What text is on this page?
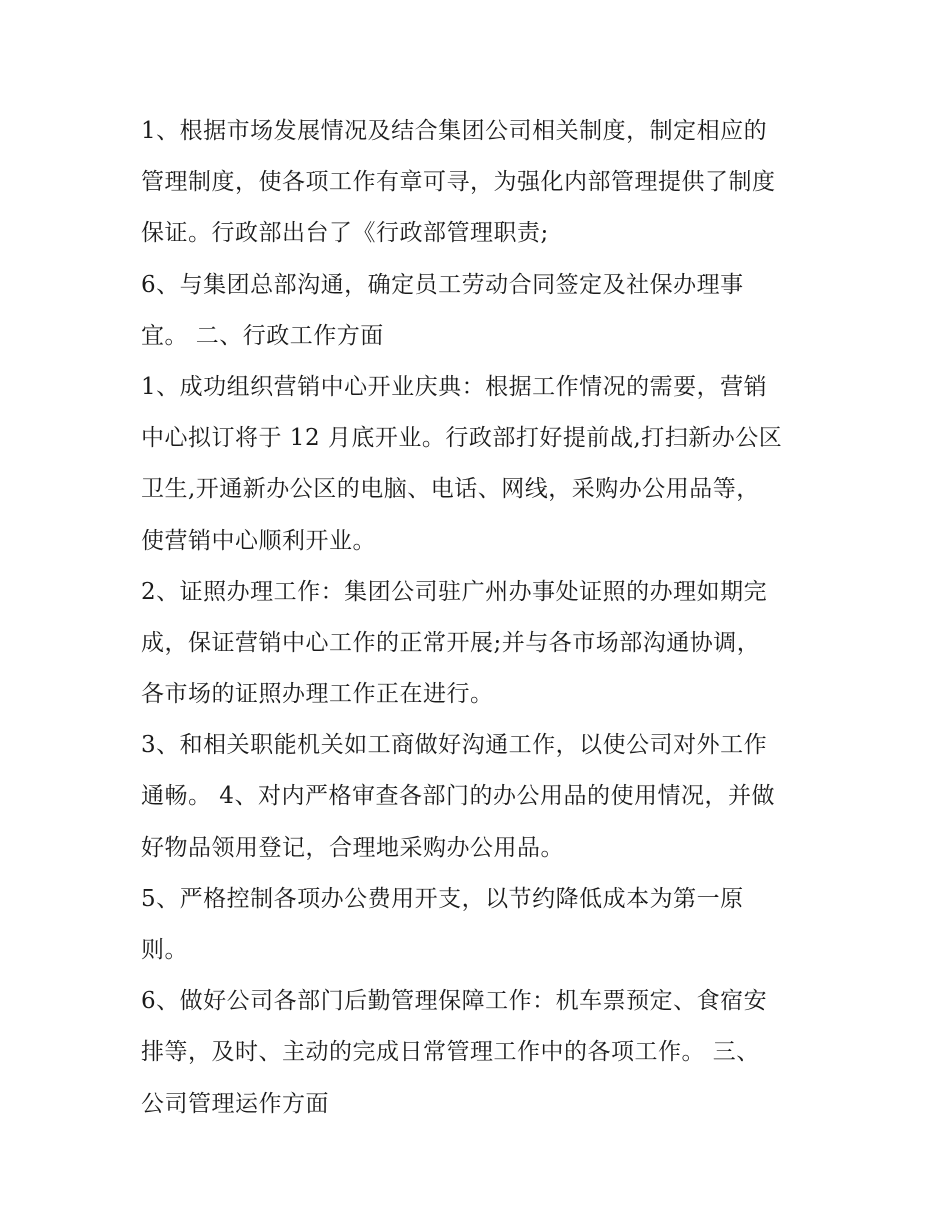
1、根据市场发展情况及结合集团公司相关制度，制定相应的
管理制度，使各项工作有章可寻，为强化内部管理提供了制度
保证。行政部出台了《行政部管理职责;
6、与集团总部沟通，确定员工劳动合同签定及社保办理事
宜。 二、行政工作方面
1、成功组织营销中心开业庆典：根据工作情况的需要，营销
中心拟订将于 12 月底开业。行政部打好提前战,打扫新办公区
卫生,开通新办公区的电脑、电话、网线，采购办公用品等，
使营销中心顺利开业。
2、证照办理工作：集团公司驻广州办事处证照的办理如期完
成，保证营销中心工作的正常开展;并与各市场部沟通协调，
各市场的证照办理工作正在进行。
3、和相关职能机关如工商做好沟通工作，以使公司对外工作
通畅。 4、对内严格审查各部门的办公用品的使用情况，并做
好物品领用登记，合理地采购办公用品。
5、严格控制各项办公费用开支，以节约降低成本为第一原
则。
6、做好公司各部门后勤管理保障工作：机车票预定、食宿安
排等，及时、主动的完成日常管理工作中的各项工作。 三、
公司管理运作方面
